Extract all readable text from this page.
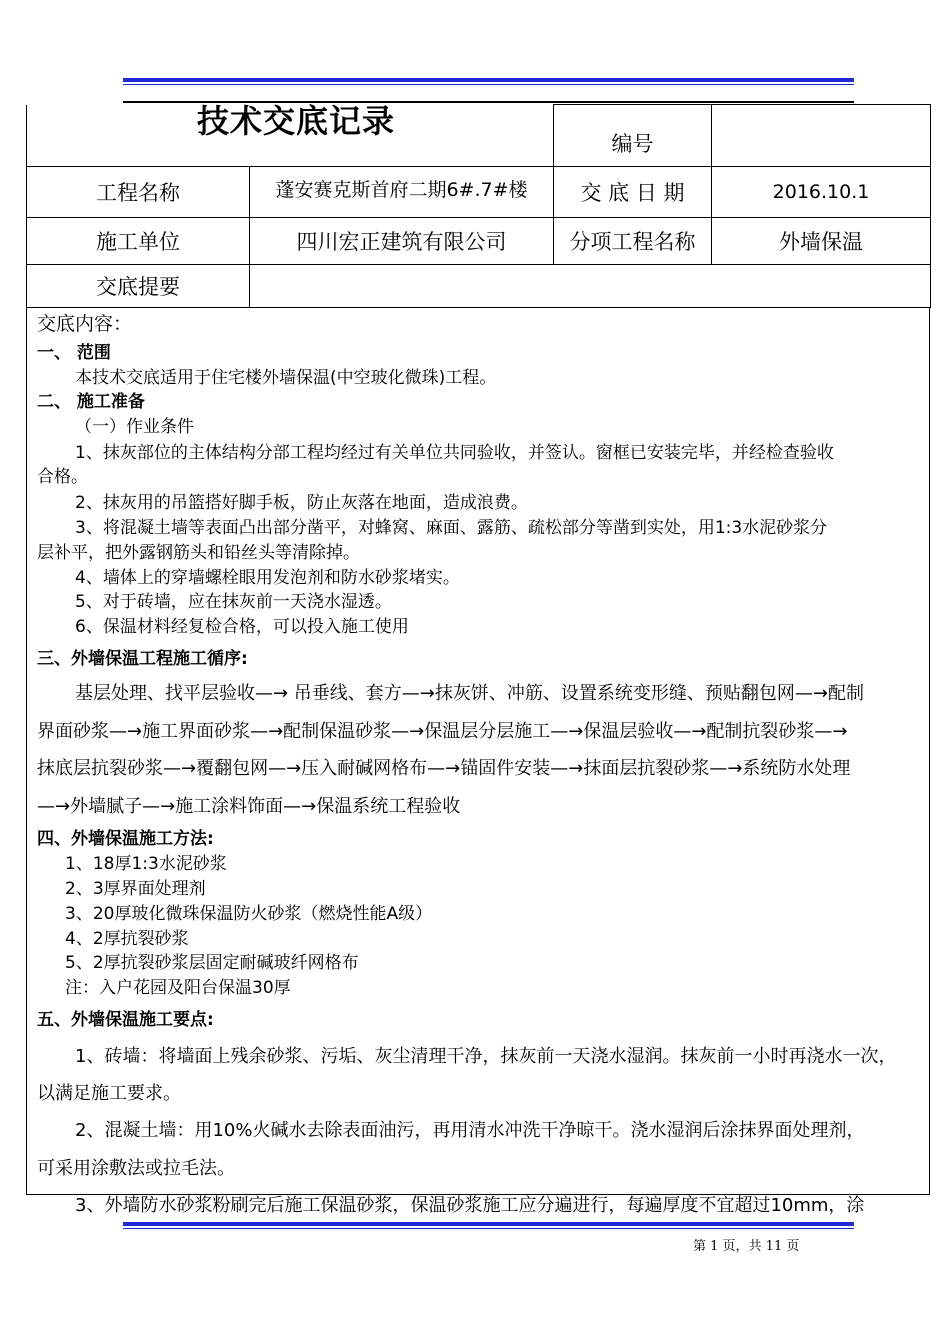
技术交底记录
		编号	
工程名称	蓬安赛克斯首府二期6#.7#楼	交 底 日 期	2016.10.1
施工单位	四川宏正建筑有限公司	分项工程名称	外墙保温
交底提要			
交底内容：
一、 范围
本技术交底适用于住宅楼外墙保温(中空玻化微珠)工程。
二、 施工准备
（一）作业条件
1、抹灰部位的主体结构分部工程均经过有关单位共同验收，并签认。窗框已安装完毕，并经检查验收
合格。
2、抹灰用的吊篮搭好脚手板，防止灰落在地面，造成浪费。
3、将混凝土墙等表面凸出部分凿平，对蜂窝、麻面、露筋、疏松部分等凿到实处，用1:3水泥砂浆分
层补平，把外露钢筋头和铅丝头等清除掉。
4、墙体上的穿墙螺栓眼用发泡剂和防水砂浆堵实。
5、对于砖墙，应在抹灰前一天浇水湿透。
6、保温材料经复检合格，可以投入施工使用
三、外墙保温工程施工循序:
基层处理、找平层验收—→ 吊垂线、套方—→抹灰饼、冲筋、设置系统变形缝、预贴翻包网—→配制
界面砂浆—→施工界面砂浆—→配制保温砂浆—→保温层分层施工—→保温层验收—→配制抗裂砂浆—→
抹底层抗裂砂浆—→覆翻包网—→压入耐碱网格布—→锚固件安装—→抹面层抗裂砂浆—→系统防水处理
—→外墙腻子—→施工涂料饰面—→保温系统工程验收
四、外墙保温施工方法:
1、18厚1:3水泥砂浆
2、3厚界面处理剂
3、20厚玻化微珠保温防火砂浆（燃烧性能A级）
4、2厚抗裂砂浆
5、2厚抗裂砂浆层固定耐碱玻纤网格布
注：入户花园及阳台保温30厚
五、外墙保温施工要点:
1、砖墙：将墙面上残余砂浆、污垢、灰尘清理干净，抹灰前一天浇水湿润。抹灰前一小时再浇水一次，
以满足施工要求。
2、混凝土墙：用10%火碱水去除表面油污，再用清水冲洗干净晾干。浇水湿润后涂抹界面处理剂，
可采用涂敷法或拉毛法。
3、外墙防水砂浆粉刷完后施工保温砂浆，保温砂浆施工应分遍进行，每遍厚度不宜超过10mm，涂
第 1 页，共 11 页
